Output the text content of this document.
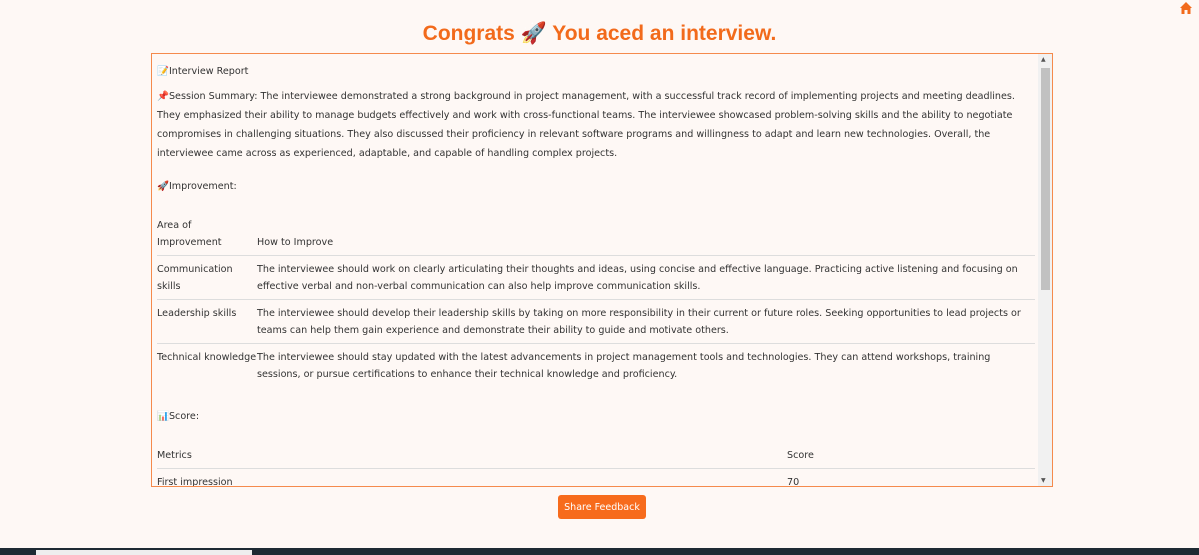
Congrats 🚀 You aced an interview.
📝Interview Report

📌Session Summary: The interviewee demonstrated a strong background in project management, with a successful track record of implementing projects and meeting deadlines. They emphasized their ability to manage budgets effectively and work with cross-functional teams. The interviewee showcased problem-solving skills and the ability to negotiate compromises in challenging situations. They also discussed their proficiency in relevant software programs and willingness to adapt and learn new technologies. Overall, the interviewee came across as experienced, adaptable, and capable of handling complex projects.

🚀Improvement:

Area of Improvement	How to Improve
Communication skills	The interviewee should work on clearly articulating their thoughts and ideas, using concise and effective language. Practicing active listening and focusing on effective verbal and non-verbal communication can also help improve communication skills.
Leadership skills	The interviewee should develop their leadership skills by taking on more responsibility in their current or future roles. Seeking opportunities to lead projects or teams can help them gain experience and demonstrate their ability to guide and motivate others.
Technical knowledge	The interviewee should stay updated with the latest advancements in project management tools and technologies. They can attend workshops, training sessions, or pursue certifications to enhance their technical knowledge and proficiency.

📊Score:

Metrics	Score
First impression	70
▲
▼
Share Feedback
